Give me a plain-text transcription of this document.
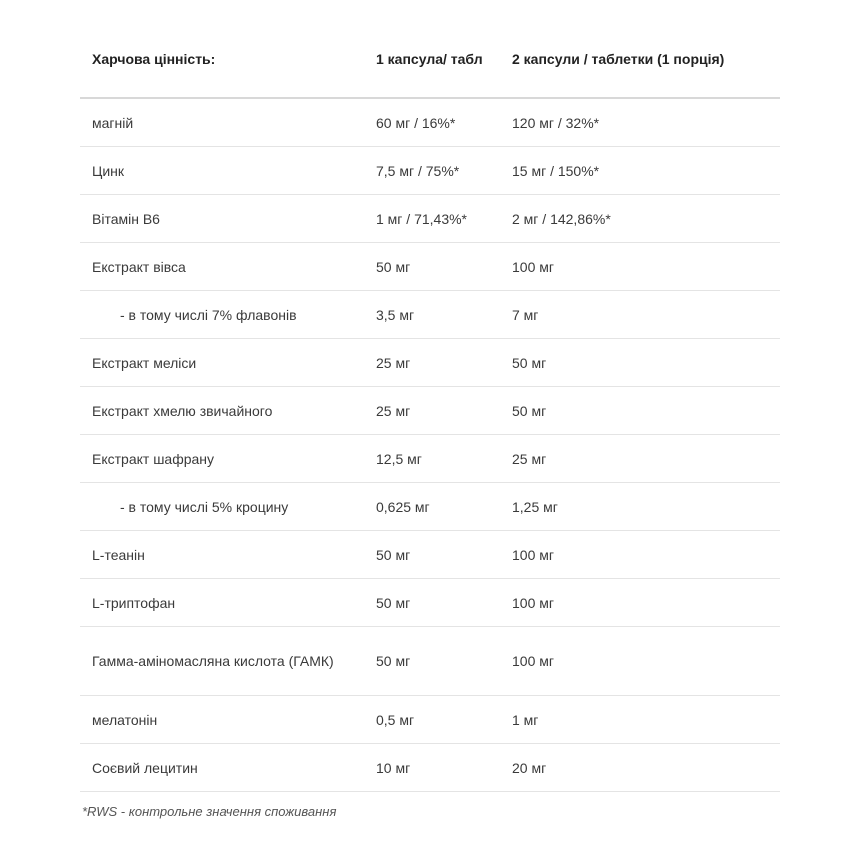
Харчова цінність:	1 капсула/ табл	2 капсули / таблетки (1 порція)
магній	60 мг / 16%*	120 мг / 32%*
Цинк	7,5 мг / 75%*	15 мг / 150%*
Вітамін В6	1 мг / 71,43%*	2 мг / 142,86%*
Екстракт вівса	50 мг	100 мг
- в тому числі 7% флавонів	3,5 мг	7 мг
Екстракт меліси	25 мг	50 мг
Екстракт хмелю звичайного	25 мг	50 мг
Екстракт шафрану	12,5 мг	25 мг
- в тому числі 5% кроцину	0,625 мг	1,25 мг
L-теанін	50 мг	100 мг
L-триптофан	50 мг	100 мг
Гамма-аміномасляна кислота (ГАМК)	50 мг	100 мг
мелатонін	0,5 мг	1 мг
Соєвий лецитин	10 мг	20 мг
*RWS - контрольне значення споживання
